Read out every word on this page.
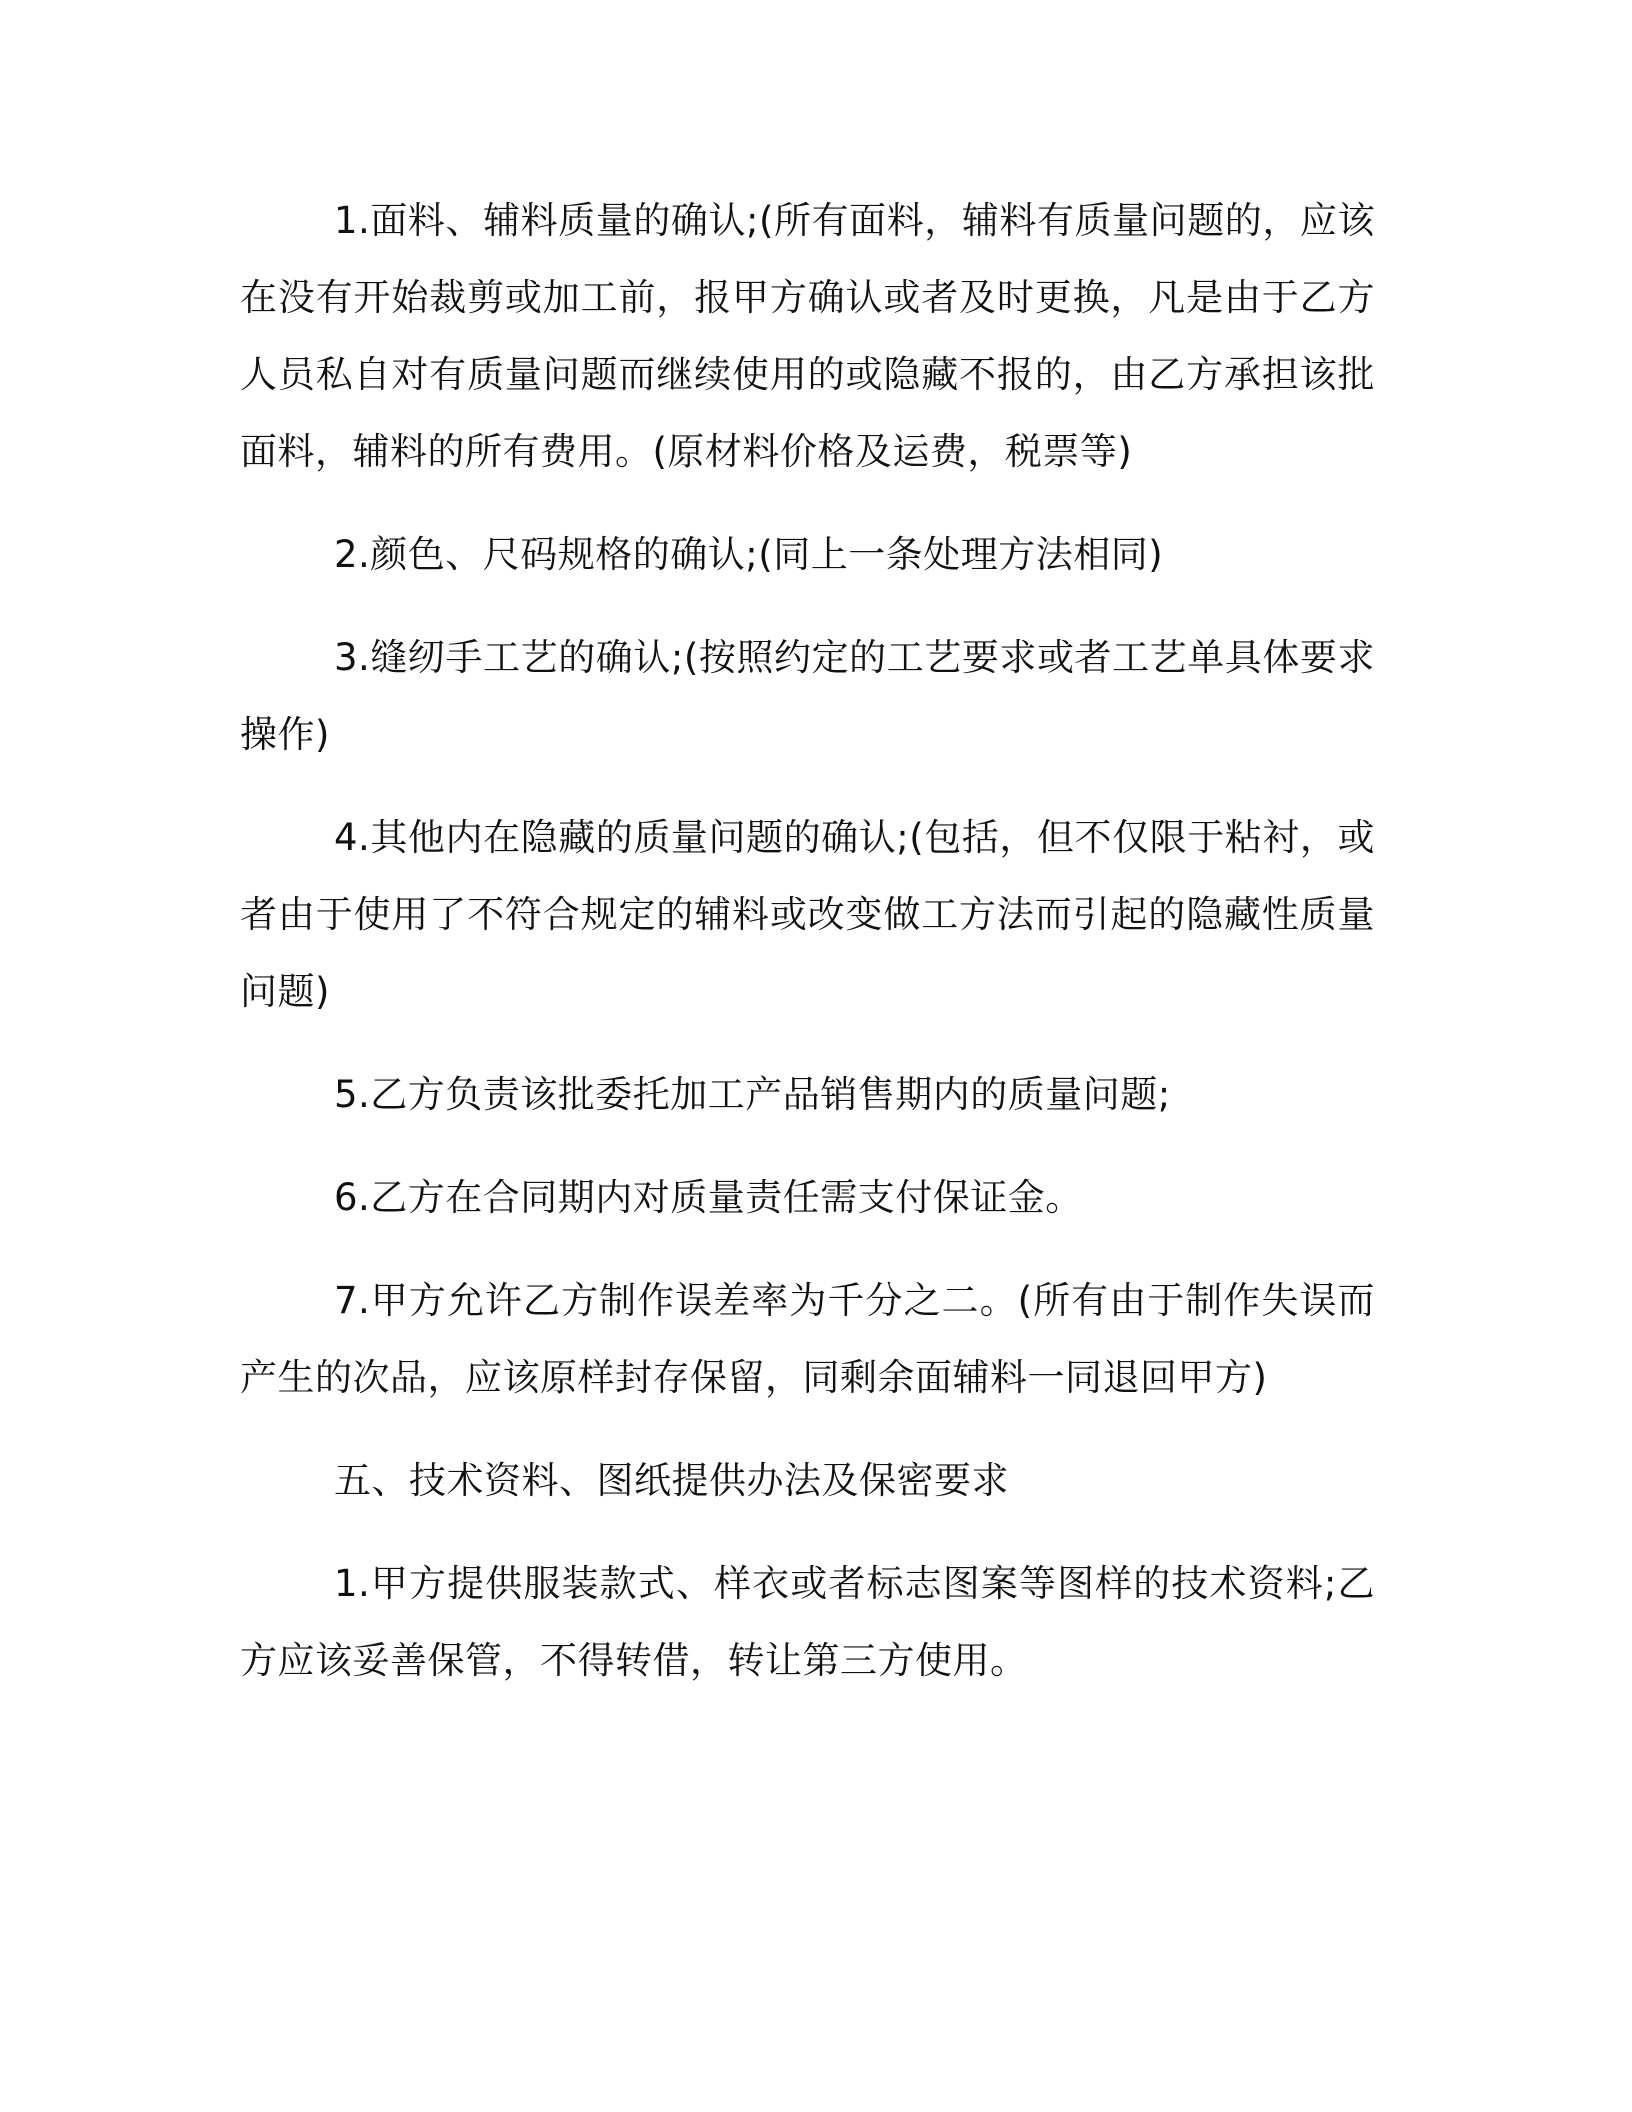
1.面料、辅料质量的确认;(所有面料，辅料有质量问题的，应该在没有开始裁剪或加工前，报甲方确认或者及时更换，凡是由于乙方人员私自对有质量问题而继续使用的或隐藏不报的，由乙方承担该批面料，辅料的所有费用。(原材料价格及运费，税票等)

2.颜色、尺码规格的确认;(同上一条处理方法相同)

3.缝纫手工艺的确认;(按照约定的工艺要求或者工艺单具体要求操作)

4.其他内在隐藏的质量问题的确认;(包括，但不仅限于粘衬，或者由于使用了不符合规定的辅料或改变做工方法而引起的隐藏性质量问题)

5.乙方负责该批委托加工产品销售期内的质量问题;

6.乙方在合同期内对质量责任需支付保证金。

7.甲方允许乙方制作误差率为千分之二。(所有由于制作失误而产生的次品，应该原样封存保留，同剩余面辅料一同退回甲方)

五、技术资料、图纸提供办法及保密要求

1.甲方提供服装款式、样衣或者标志图案等图样的技术资料;乙方应该妥善保管，不得转借，转让第三方使用。
